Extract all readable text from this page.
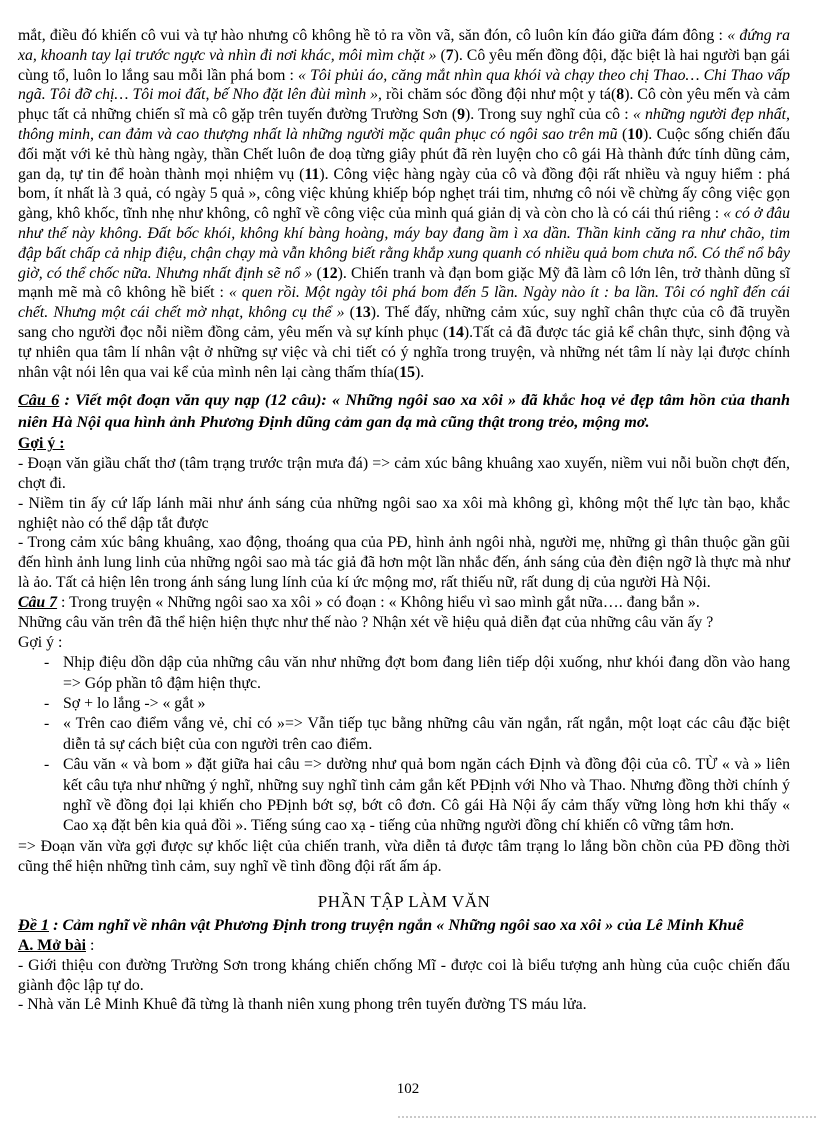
mắt, điều đó khiến cô vui và tự hào nhưng cô không hề tỏ ra vồn vã, săn đón, cô luôn kín đáo giữa đám đông : « đứng ra xa, khoanh tay lại trước ngực và nhìn đi nơi khác, môi mìm chặt » (7). Cô yêu mến đồng đội, đặc biệt là hai người bạn gái cùng tổ, luôn lo lắng sau mỗi lần phá bom : « Tôi phủi áo, căng mắt nhìn qua khói và chạy theo chị Thao… Chi Thao vấp ngã. Tôi đỡ chị… Tôi moi đất, bế Nho đặt lên đùi mình », rồi chăm sóc đồng đội như một y tá(8). Cô còn yêu mến và cảm phục tất cả những chiến sĩ mà cô gặp trên tuyến đường Trường Sơn (9). Trong suy nghĩ của cô : « những người đẹp nhất, thông minh, can đảm và cao thượng nhất là những người mặc quân phục có ngôi sao trên mũ (10). Cuộc sống chiến đấu đối mặt với kẻ thù hàng ngày, thần Chết luôn đe doạ từng giây phút đã rèn luyện cho cô gái Hà thành đức tính dũng cảm, gan dạ, tự tin để hoàn thành mọi nhiệm vụ (11). Công việc hàng ngày của cô và đồng đội rất nhiều và nguy hiểm : phá bom, ít nhất là 3 quả, có ngày 5 quả », công việc khủng khiếp bóp nghẹt trái tim, nhưng cô nói về chừng ấy công việc gọn gàng, khô khốc, tĩnh nhẹ như không, cô nghĩ về công việc của mình quá giản dị và còn cho là có cái thú riêng : « có ở đâu như thế này không. Đất bốc khói, không khí bàng hoàng, máy bay đang ầm ì xa dần. Thần kinh căng ra như chão, tim đập bất chấp cả nhịp điệu, chận chạy mà vẫn không biết rằng khắp xung quanh có nhiều quả bom chưa nổ. Có thể nổ bây giờ, có thể chốc nữa. Nhưng nhất định sẽ nổ » (12). Chiến tranh và đạn bom giặc Mỹ đã làm cô lớn lên, trở thành dũng sĩ mạnh mẽ mà cô không hề biết : « quen rồi. Một ngày tôi phá bom đến 5 lần. Ngày nào ít : ba lần. Tôi có nghĩ đến cái chết. Nhưng một cái chết mờ nhạt, không cụ thể » (13). Thế đấy, những cảm xúc, suy nghĩ chân thực của cô đã truyền sang cho người đọc nỗi niềm đồng cảm, yêu mến và sự kính phục (14).Tất cả đã được tác giả kể chân thực, sinh động và tự nhiên qua tâm lí nhân vật ở những sự việc và chi tiết có ý nghĩa trong truyện, và những nét tâm lí này lại được chính nhân vật nói lên qua vai kể của mình nên lại càng thấm thía(15).
Câu 6 : Viết một đoạn văn quy nạp (12 câu): « Những ngôi sao xa xôi » đã khắc hoạ vẻ đẹp tâm hồn của thanh niên Hà Nội qua hình ảnh Phương Định dũng cảm gan dạ mà cũng thật trong trẻo, mộng mơ.
Gợi ý :
- Đoạn văn giầu chất thơ (tâm trạng trước trận mưa đá) => cảm xúc bâng khuâng xao xuyến, niềm vui nỗi buồn chợt đến, chợt đi.
- Niềm tin ấy cứ lấp lánh mãi như ánh sáng của những ngôi sao xa xôi mà không gì, không một thế lực tàn bạo, khắc nghiệt nào có thể dập tắt được
- Trong cảm xúc bâng khuâng, xao động, thoáng qua của PĐ, hình ảnh ngôi nhà, người mẹ, những gì thân thuộc gần gũi đến hình ảnh lung linh của những ngôi sao mà tác giả đã hơn một lần nhắc đến, ánh sáng của đèn điện ngỡ là thực mà như là ảo. Tất cả hiện lên trong ánh sáng lung lính của kí ức mộng mơ, rất thiếu nữ, rất dung dị của người Hà Nội.
Câu 7 : Trong truyện « Những ngôi sao xa xôi » có đoạn : « Không hiểu vì sao mình gắt nữa…. đang bắn ».
Những câu văn trên đã thể hiện hiện thực như thế nào ? Nhận xét về hiệu quả diễn đạt của những câu văn ấy ?
Gợi ý :
- Nhịp điệu dồn dập của những câu văn như những đợt bom đang liên tiếp dội xuống, như khói đang dồn vào hang => Góp phần tô đậm hiện thực.
- Sợ + lo lắng -> « gắt »
- « Trên cao điểm vắng vẻ, chỉ có »=> Vẫn tiếp tục bằng những câu văn ngắn, rất ngắn, một loạt các câu đặc biệt diễn tả sự cách biệt của con người trên cao điểm.
- Câu văn « và bom » đặt giữa hai câu => dường như quả bom ngăn cách Định và đồng đội của cô. TỪ « và » liên kết câu tựa như những ý nghĩ, những suy nghĩ tình cảm gắn kết PĐịnh với Nho và Thao. Nhưng đồng thời chính ý nghĩ về đồng đọi lại khiến cho PĐịnh bớt sợ, bớt cô đơn. Cô gái Hà Nội ấy cảm thấy vững lòng hơn khi thấy « Cao xạ đặt bên kia quả đồi ». Tiếng súng cao xạ - tiếng của những người đồng chí khiến cô vững tâm hơn.
=> Đoạn văn vừa gợi được sự khốc liệt của chiến tranh, vừa diễn tả được tâm trạng lo lắng bồn chồn của PĐ đồng thời cũng thể hiện những tình cảm, suy nghĩ về tình đồng đội rất ấm áp.
PHẦN TẬP LÀM VĂN
Đề 1 : Cảm nghĩ về nhân vật Phương Định trong truyện ngắn « Những ngôi sao xa xôi » của Lê Minh Khuê
A. Mở bài :
- Giới thiệu con đường Trường Sơn trong kháng chiến chống Mĩ - được coi là biểu tượng anh hùng của cuộc chiến đấu giành độc lập tự do.
- Nhà văn Lê Minh Khuê đã từng là thanh niên xung phong trên tuyến đường TS máu lửa.
102
